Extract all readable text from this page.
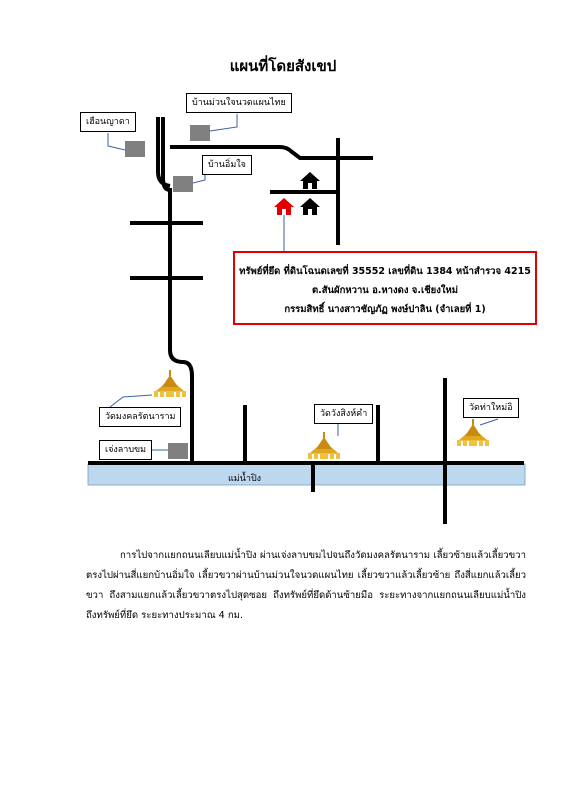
แผนที่โดยสังเขป
เฮือนญาดา
บ้านม่วนใจนวดแผนไทย
บ้านอิ่มใจ
วัดมงคลรัตนาราม
เจ่งลาบขม
วัดวังสิงห์คำ
วัดท่าใหม่อิ
ทรัพย์ที่ยึด ที่ดินโฉนดเลขที่ 35552 เลขที่ดิน 1384 หน้าสำรวจ 4215
ต.สันผักหวาน อ.หางดง จ.เชียงใหม่
กรรมสิทธิ์ นางสาวชัญภัฏ พงษ์ปาลิน (จำเลยที่ 1)
แม่น้ำปิง
การไปจากแยกถนนเลียบแม่น้ำปิง ผ่านเจ่งลาบขมไปจนถึงวัดมงคลรัตนาราม เลี้ยวซ้ายแล้วเลี้ยวขวา ตรงไปผ่านสี่แยกบ้านอิ่มใจ เลี้ยวขวาผ่านบ้านม่วนใจนวดแผนไทย เลี้ยวขวาแล้วเลี้ยวซ้าย ถึงสี่แยกแล้วเลี้ยวขวา ถึงสามแยกแล้วเลี้ยวขวาตรงไปสุดซอย ถึงทรัพย์ที่ยึดด้านซ้ายมือ ระยะทางจากแยกถนนเลียบแม่น้ำปิงถึงทรัพย์ที่ยึด ระยะทางประมาณ 4 กม.
